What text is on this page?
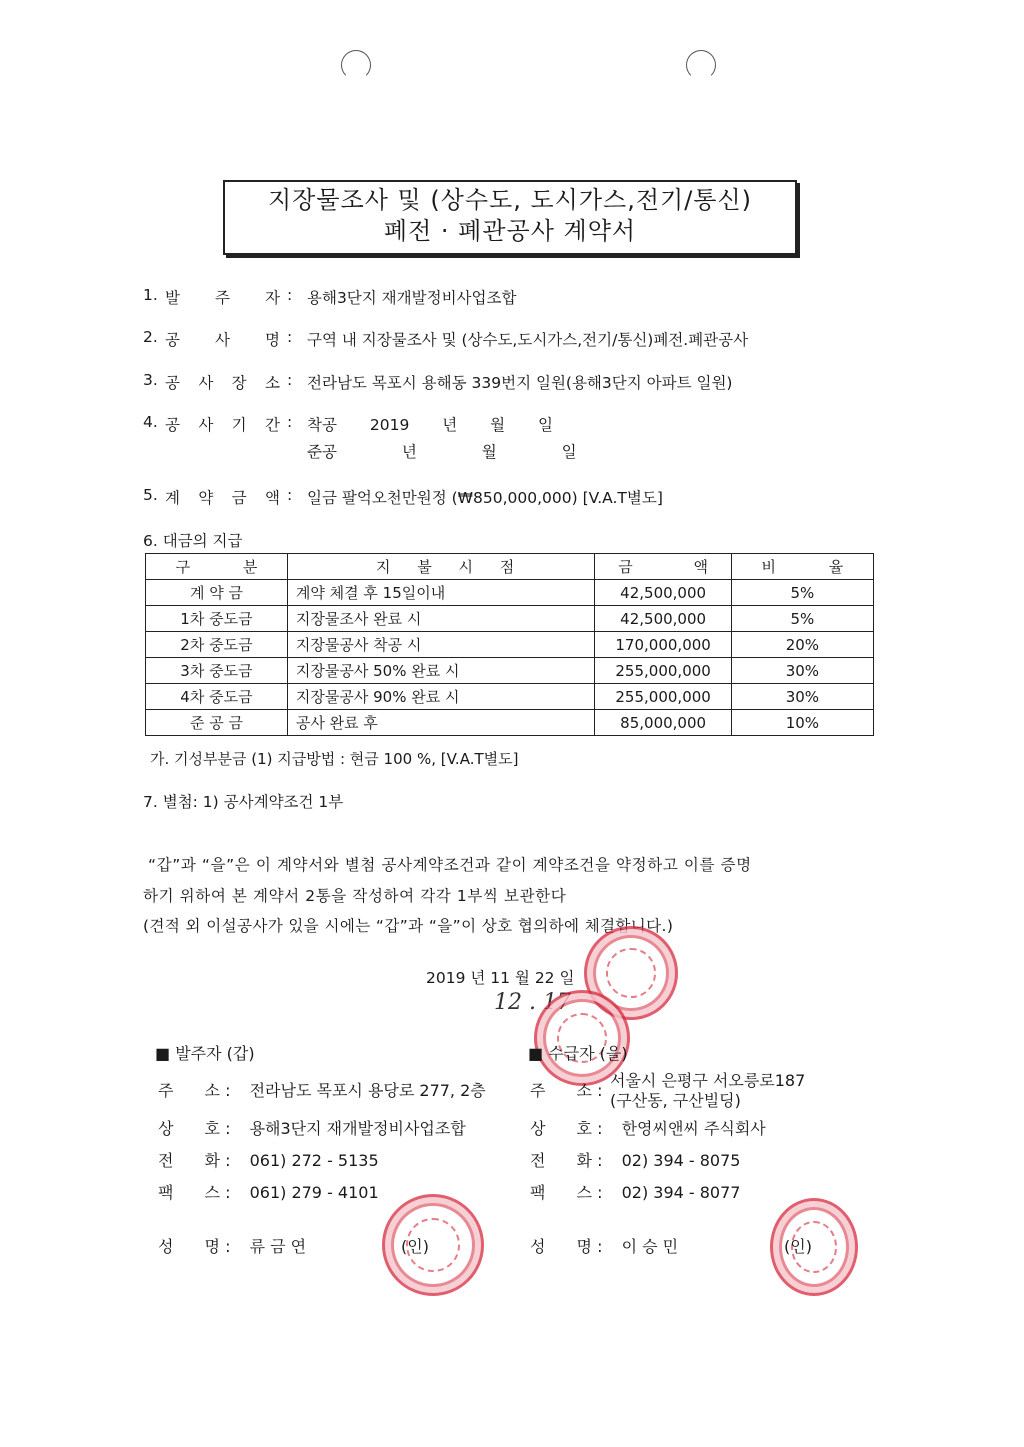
지장물조사 및 (상수도, 도시가스,전기/통신)
폐전 · 폐관공사 계약서
1. 발 주 자 : 용해3단지 재개발정비사업조합
2. 공 사 명 : 구역 내 지장물조사 및 (상수도,도시가스,전기/통신)폐전.폐관공사
3. 공 사 장 소 : 전라남도 목포시 용해동 339번지 일원(용해3단지 아파트 일원)
4. 공 사 기 간 : 착공 2019 년 월 일
준공 년 월 일
5. 계 약 금 액 : 일금 팔억오천만원정 (₩850,000,000) [V.A.T별도]
6. 대금의 지급
구 분	지 불 시 점	금 액	비 율
계 약 금	계약 체결 후 15일이내	42,500,000	5%
1차 중도금	지장물조사 완료 시	42,500,000	5%
2차 중도금	지장물공사 착공 시	170,000,000	20%
3차 중도금	지장물공사 50% 완료 시	255,000,000	30%
4차 중도금	지장물공사 90% 완료 시	255,000,000	30%
준 공 금	공사 완료 후	85,000,000	10%
가. 기성부분금 (1) 지급방법 : 현금 100 %, [V.A.T별도]
7. 별첨: 1) 공사계약조건 1부
“갑”과 “을”은 이 계약서와 별첨 공사계약조건과 같이 계약조건을 약정하고 이를 증명
하기 위하여 본 계약서 2통을 작성하여 각각 1부씩 보관한다
(견적 외 이설공사가 있을 시에는 “갑”과 “을”이 상호 협의하에 체결합니다.)
2019 년 11 월 22 일
12 . 17
■ 발주자 (갑)	■ 수급자 (을)
주 소 : 전라남도 목포시 용당로 277, 2층
상 호 : 용해3단지 재개발정비사업조합
전 화 : 061) 272 - 5135
팩 스 : 061) 279 - 4101
성 명 : 류 금 연	(인)
주 소 :
서울시 은평구 서오릉로187
(구산동, 구산빌딩)
상 호 : 한영씨앤씨 주식회사
전 화 : 02) 394 - 8075
팩 스 : 02) 394 - 8077
성 명 : 이 승 민	(인)
